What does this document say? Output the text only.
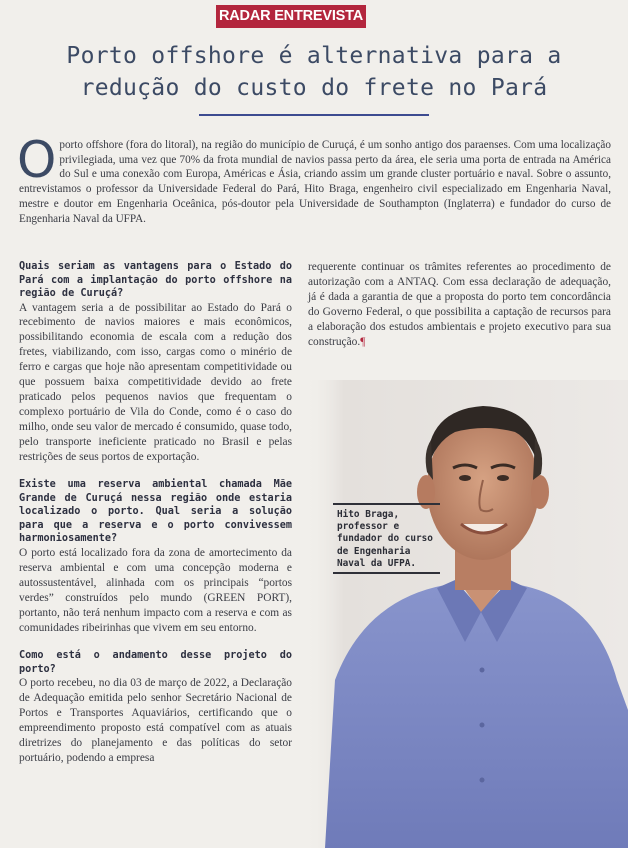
RADAR ENTREVISTA
Porto offshore é alternativa para a
redução do custo do frete no Pará
Oporto offshore (fora do litoral), na região do município de Curuçá, é um sonho antigo dos paraenses. Com uma localização privilegiada, uma vez que 70% da frota mundial de navios passa perto da área, ele seria uma porta de entrada na América do Sul e uma conexão com Europa, Américas e Ásia, criando assim um grande cluster portuário e naval. Sobre o assunto, entrevistamos o professor da Universidade Federal do Pará, Hito Braga, engenheiro civil especializado em Engenharia Naval, mestre e doutor em Engenharia Oceânica, pós-doutor pela Universidade de Southampton (Inglaterra) e fundador do curso de Engenharia Naval da UFPA.
Hito Braga, professor e fundador do curso de Engenharia Naval da UFPA.
Quais seriam as vantagens para o Estado do Pará com a implantação do porto offshore na região de Curuçá?

A vantagem seria a de possibilitar ao Estado do Pará o recebimento de navios maiores e mais econômicos, possibilitando economia de escala com a redução dos fretes, viabilizando, com isso, cargas como o minério de ferro e cargas que hoje não apresentam competitividade ou que possuem baixa competitividade devido ao frete praticado pelos pequenos navios que frequentam o complexo portuário de Vila do Conde, como é o caso do milho, onde seu valor de mercado é consumido, quase todo, pelo transporte ineficiente praticado no Brasil e pelas restrições de seus portos de exportação.

Existe uma reserva ambiental chamada Mãe Grande de Curuçá nessa região onde estaria localizado o porto. Qual seria a solução para que a reserva e o porto convivessem harmoniosamente?

O porto está localizado fora da zona de amortecimento da reserva ambiental e com uma concepção moderna e autossustentável, alinhada com os principais “portos verdes” construídos pelo mundo (GREEN PORT), portanto, não terá nenhum impacto com a reserva e com as comunidades ribeirinhas que vivem em seu entorno.

Como está o andamento desse projeto do porto?

O porto recebeu, no dia 03 de março de 2022, a Declaração de Adequação emitida pelo senhor Secretário Nacional de Portos e Transportes Aquaviários, certificando que o empreendimento proposto está compatível com as atuais diretrizes do planejamento e das políticas do setor portuário, podendo a empresa

requerente continuar os trâmites referentes ao procedimento de autorização com a ANTAQ. Com essa declaração de adequação, já é dada a garantia de que a proposta do porto tem concordância do Governo Federal, o que possibilita a captação de recursos para a elaboração dos estudos ambientais e projeto executivo para sua construção.¶
